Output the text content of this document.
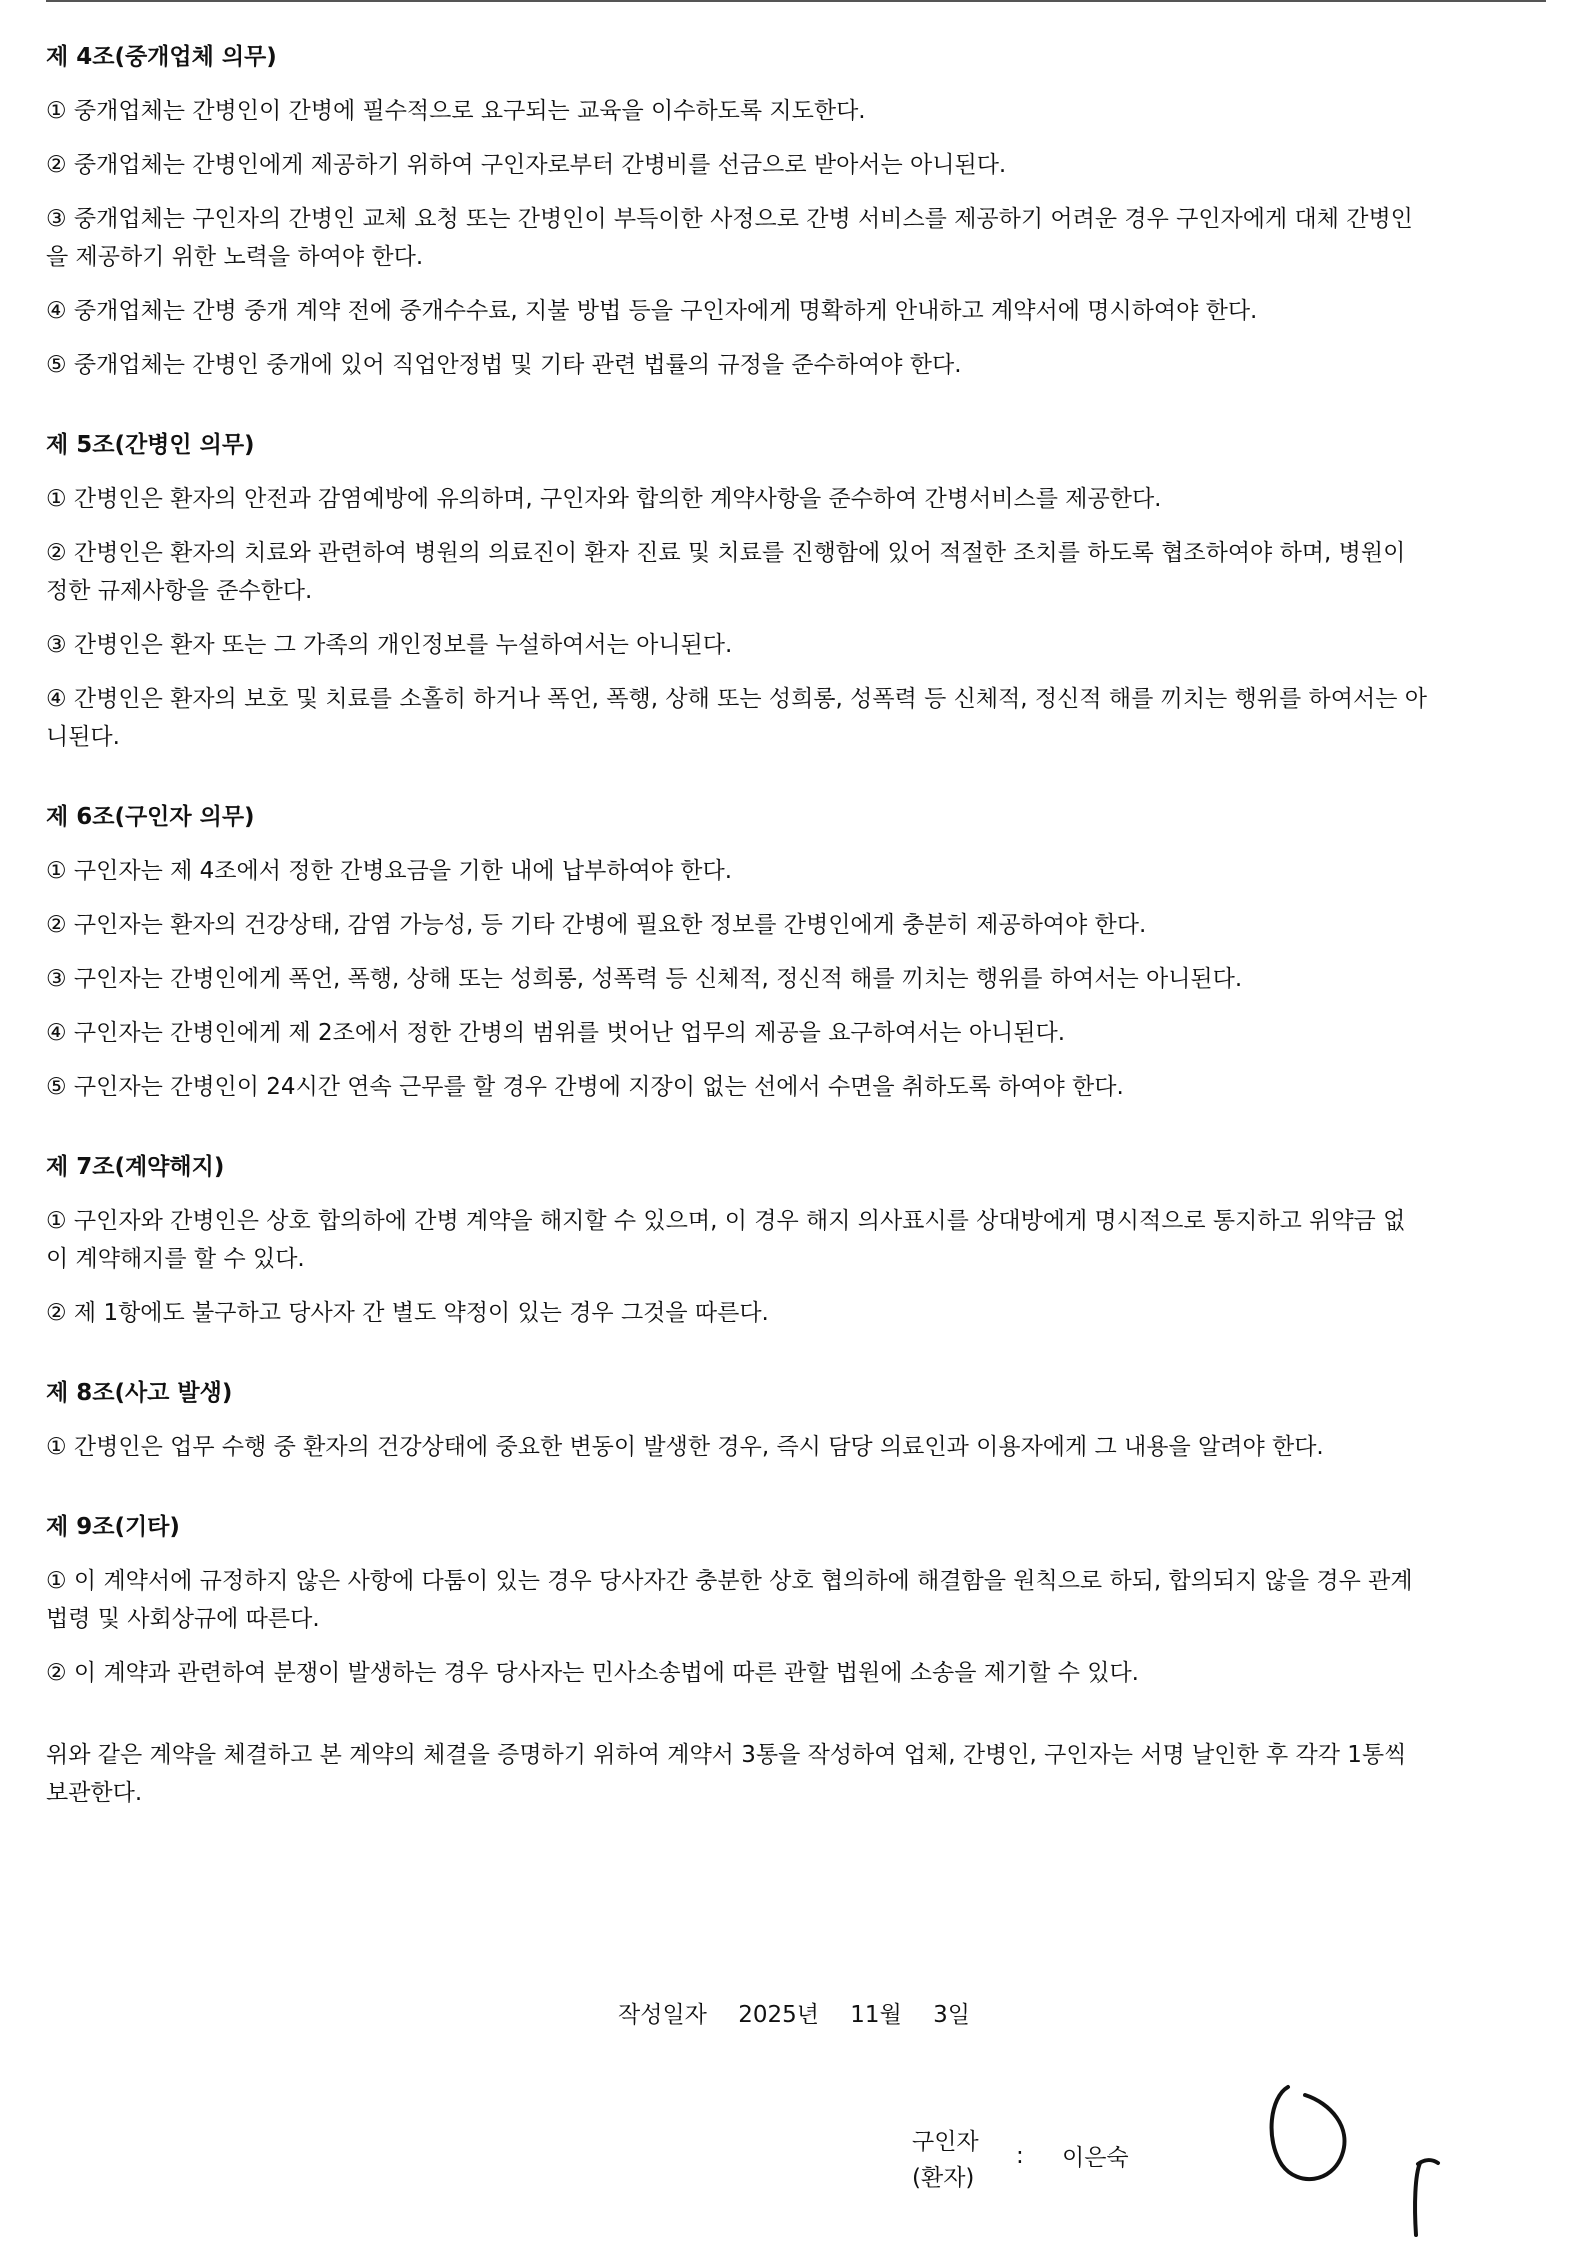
제 4조(중개업체 의무)
① 중개업체는 간병인이 간병에 필수적으로 요구되는 교육을 이수하도록 지도한다.
② 중개업체는 간병인에게 제공하기 위하여 구인자로부터 간병비를 선금으로 받아서는 아니된다.
③ 중개업체는 구인자의 간병인 교체 요청 또는 간병인이 부득이한 사정으로 간병 서비스를 제공하기 어려운 경우 구인자에게 대체 간병인
을 제공하기 위한 노력을 하여야 한다.
④ 중개업체는 간병 중개 계약 전에 중개수수료, 지불 방법 등을 구인자에게 명확하게 안내하고 계약서에 명시하여야 한다.
⑤ 중개업체는 간병인 중개에 있어 직업안정법 및 기타 관련 법률의 규정을 준수하여야 한다.
제 5조(간병인 의무)
① 간병인은 환자의 안전과 감염예방에 유의하며, 구인자와 합의한 계약사항을 준수하여 간병서비스를 제공한다.
② 간병인은 환자의 치료와 관련하여 병원의 의료진이 환자 진료 및 치료를 진행함에 있어 적절한 조치를 하도록 협조하여야 하며, 병원이
정한 규제사항을 준수한다.
③ 간병인은 환자 또는 그 가족의 개인정보를 누설하여서는 아니된다.
④ 간병인은 환자의 보호 및 치료를 소홀히 하거나 폭언, 폭행, 상해 또는 성희롱, 성폭력 등 신체적, 정신적 해를 끼치는 행위를 하여서는 아
니된다.
제 6조(구인자 의무)
① 구인자는 제 4조에서 정한 간병요금을 기한 내에 납부하여야 한다.
② 구인자는 환자의 건강상태, 감염 가능성, 등 기타 간병에 필요한 정보를 간병인에게 충분히 제공하여야 한다.
③ 구인자는 간병인에게 폭언, 폭행, 상해 또는 성희롱, 성폭력 등 신체적, 정신적 해를 끼치는 행위를 하여서는 아니된다.
④ 구인자는 간병인에게 제 2조에서 정한 간병의 범위를 벗어난 업무의 제공을 요구하여서는 아니된다.
⑤ 구인자는 간병인이 24시간 연속 근무를 할 경우 간병에 지장이 없는 선에서 수면을 취하도록 하여야 한다.
제 7조(계약해지)
① 구인자와 간병인은 상호 합의하에 간병 계약을 해지할 수 있으며, 이 경우 해지 의사표시를 상대방에게 명시적으로 통지하고 위약금 없
이 계약해지를 할 수 있다.
② 제 1항에도 불구하고 당사자 간 별도 약정이 있는 경우 그것을 따른다.
제 8조(사고 발생)
① 간병인은 업무 수행 중 환자의 건강상태에 중요한 변동이 발생한 경우, 즉시 담당 의료인과 이용자에게 그 내용을 알려야 한다.
제 9조(기타)
① 이 계약서에 규정하지 않은 사항에 다툼이 있는 경우 당사자간 충분한 상호 협의하에 해결함을 원칙으로 하되, 합의되지 않을 경우 관계
법령 및 사회상규에 따른다.
② 이 계약과 관련하여 분쟁이 발생하는 경우 당사자는 민사소송법에 따른 관할 법원에 소송을 제기할 수 있다.
위와 같은 계약을 체결하고 본 계약의 체결을 증명하기 위하여 계약서 3통을 작성하여 업체, 간병인, 구인자는 서명 날인한 후 각각 1통씩
보관한다.
작성일자 2025년 11월 3일
구인자
(환자)
: 이은숙
